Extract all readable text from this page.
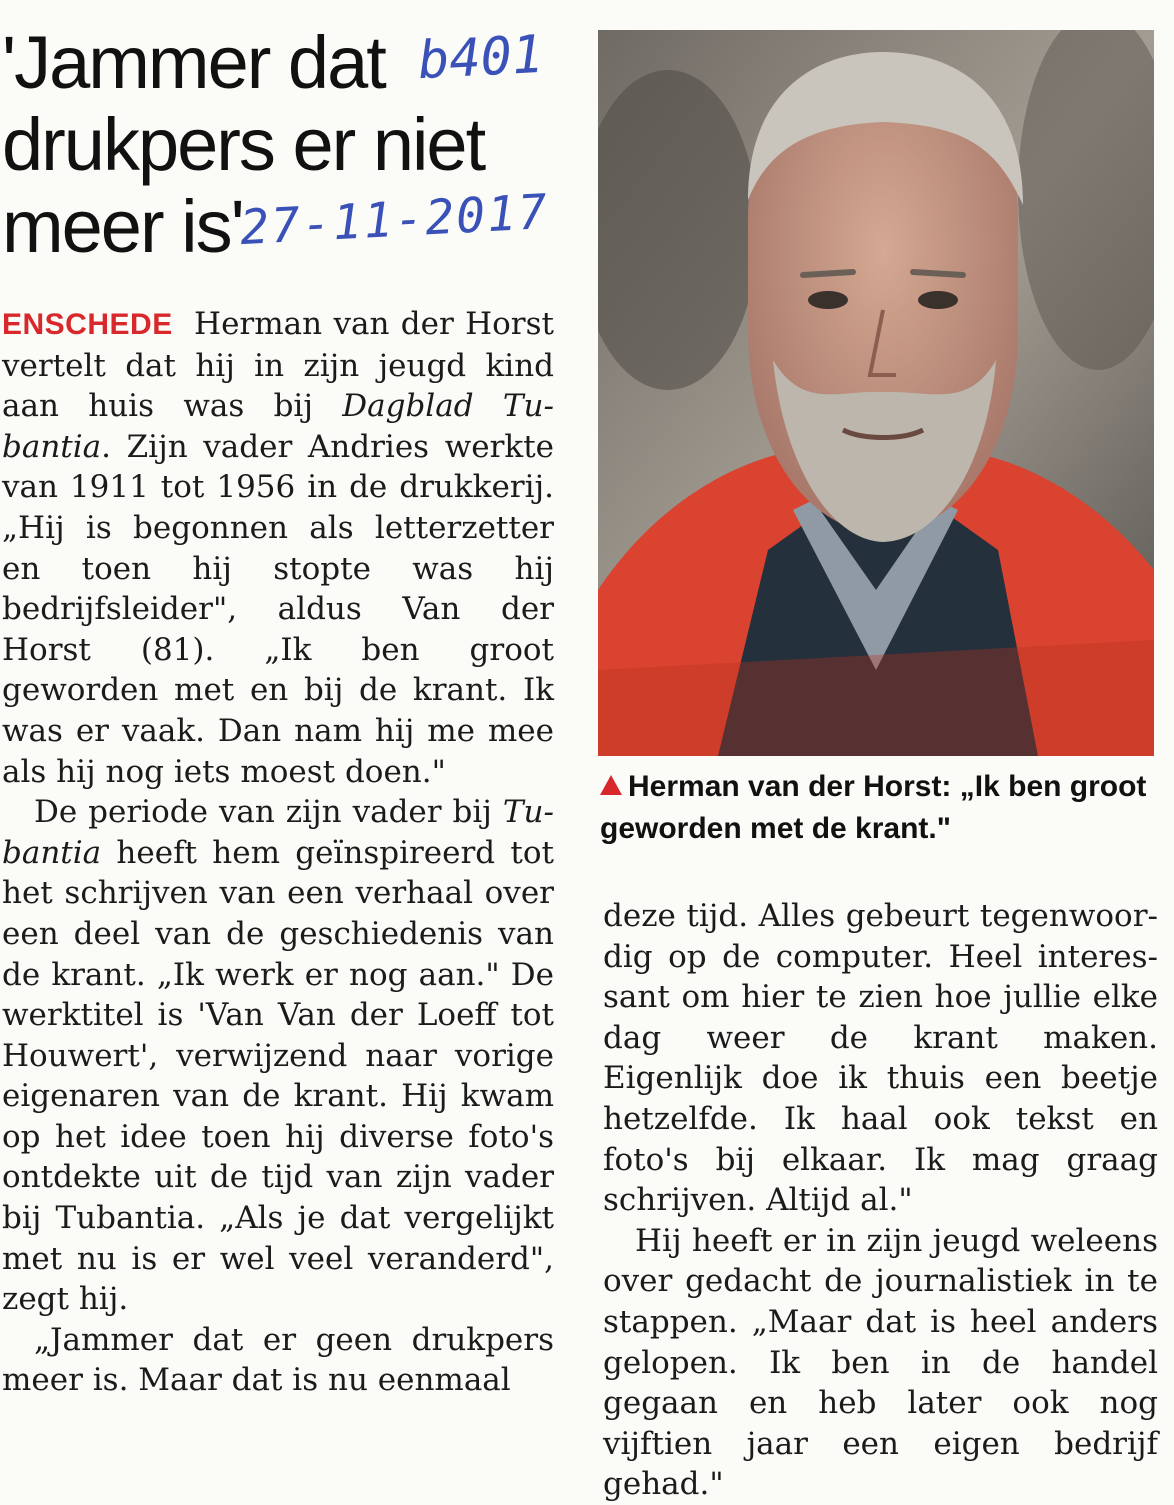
'Jammer dat
drukpers er niet
meer is'
b401
27-11-2017
Herman van der Horst: „Ik ben groot geworden met de krant."

ENSCHEDE Herman van der Horst vertelt dat hij in zijn jeugd kind aan huis was bij Dagblad Tubantia. Zijn vader Andries werkte van 1911 tot 1956 in de drukkerij. „Hij is begonnen als letterzetter en toen hij stopte was hij bedrijfsleider", aldus Van der Horst (81). „Ik ben groot geworden met en bij de krant. Ik was er vaak. Dan nam hij me mee als hij nog iets moest doen."

De periode van zijn vader bij Tubantia heeft hem geïnspireerd tot het schrijven van een verhaal over een deel van de geschiedenis van de krant. „Ik werk er nog aan." De werktitel is 'Van Van der Loeff tot Houwert', verwijzend naar vorige eigenaren van de krant. Hij kwam op het idee toen hij diverse foto's ontdekte uit de tijd van zijn vader bij Tubantia. „Als je dat vergelijkt met nu is er wel veel veranderd", zegt hij.

„Jammer dat er geen drukpers meer is. Maar dat is nu eenmaal

deze tijd. Alles gebeurt tegenwoordig op de computer. Heel interessant om hier te zien hoe jullie elke dag weer de krant maken. Eigenlijk doe ik thuis een beetje hetzelfde. Ik haal ook tekst en foto's bij elkaar. Ik mag graag schrijven. Altijd al."

Hij heeft er in zijn jeugd weleens over gedacht de journalistiek in te stappen. „Maar dat is heel anders gelopen. Ik ben in de handel gegaan en heb later ook nog vijftien jaar een eigen bedrijf gehad."
